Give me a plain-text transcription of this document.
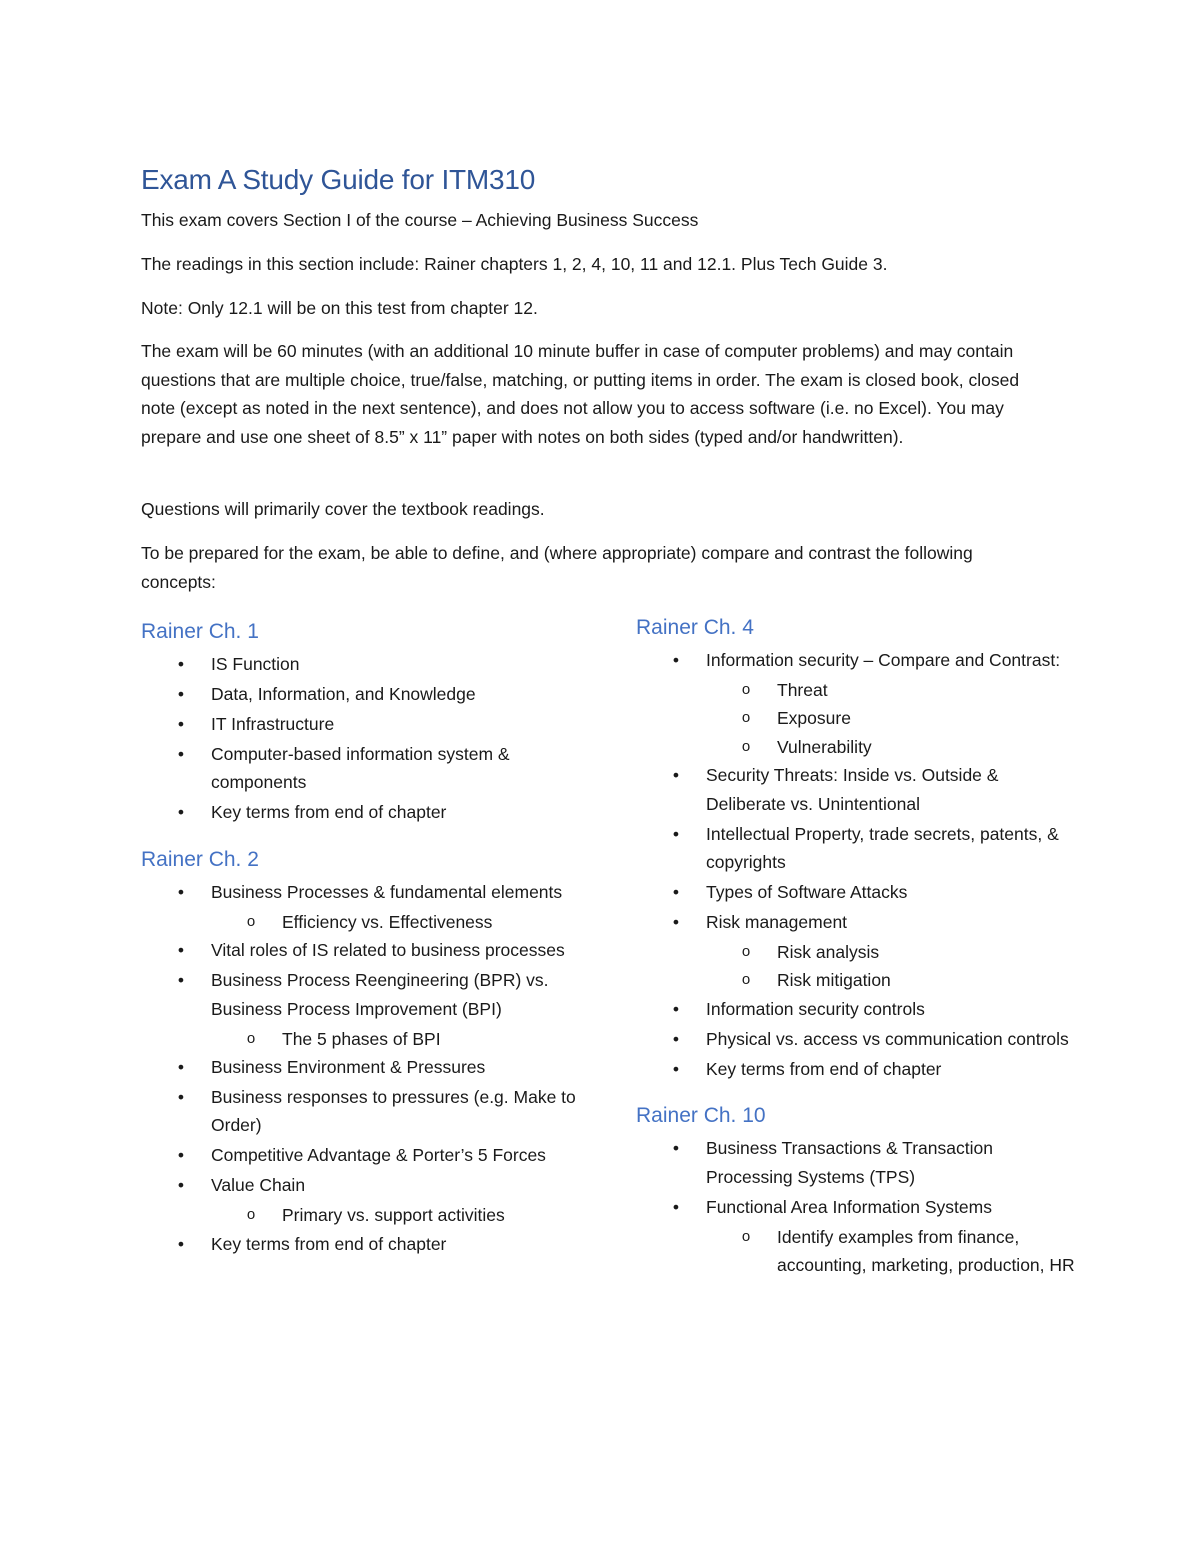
Exam A Study Guide for ITM310

This exam covers Section I of the course – Achieving Business Success

The readings in this section include: Rainer chapters 1, 2, 4, 10, 11 and 12.1. Plus Tech Guide 3.

Note: Only 12.1 will be on this test from chapter 12.

The exam will be 60 minutes (with an additional 10 minute buffer in case of computer problems) and may contain questions that are multiple choice, true/false, matching, or putting items in order. The exam is closed book, closed note (except as noted in the next sentence), and does not allow you to access software (i.e. no Excel). You may prepare and use one sheet of 8.5” x 11” paper with notes on both sides (typed and/or handwritten).

Questions will primarily cover the textbook readings.

To be prepared for the exam, be able to define, and (where appropriate) compare and contrast the following concepts:

Rainer Ch. 1
• IS Function
• Data, Information, and Knowledge
• IT Infrastructure
• Computer-based information system & components
• Key terms from end of chapter
Rainer Ch. 2
• Business Processes & fundamental elements
o Efficiency vs. Effectiveness
• Vital roles of IS related to business processes
• Business Process Reengineering (BPR) vs. Business Process Improvement (BPI)
o The 5 phases of BPI
• Business Environment & Pressures
• Business responses to pressures (e.g. Make to Order)
• Competitive Advantage & Porter’s 5 Forces
• Value Chain
o Primary vs. support activities
• Key terms from end of chapter
Rainer Ch. 4
• Information security – Compare and Contrast:
o Threat
o Exposure
o Vulnerability
• Security Threats: Inside vs. Outside & Deliberate vs. Unintentional
• Intellectual Property, trade secrets, patents, & copyrights
• Types of Software Attacks
• Risk management
o Risk analysis
o Risk mitigation
• Information security controls
• Physical vs. access vs communication controls
• Key terms from end of chapter
Rainer Ch. 10
• Business Transactions & Transaction Processing Systems (TPS)
• Functional Area Information Systems
o Identify examples from finance, accounting, marketing, production, HR
